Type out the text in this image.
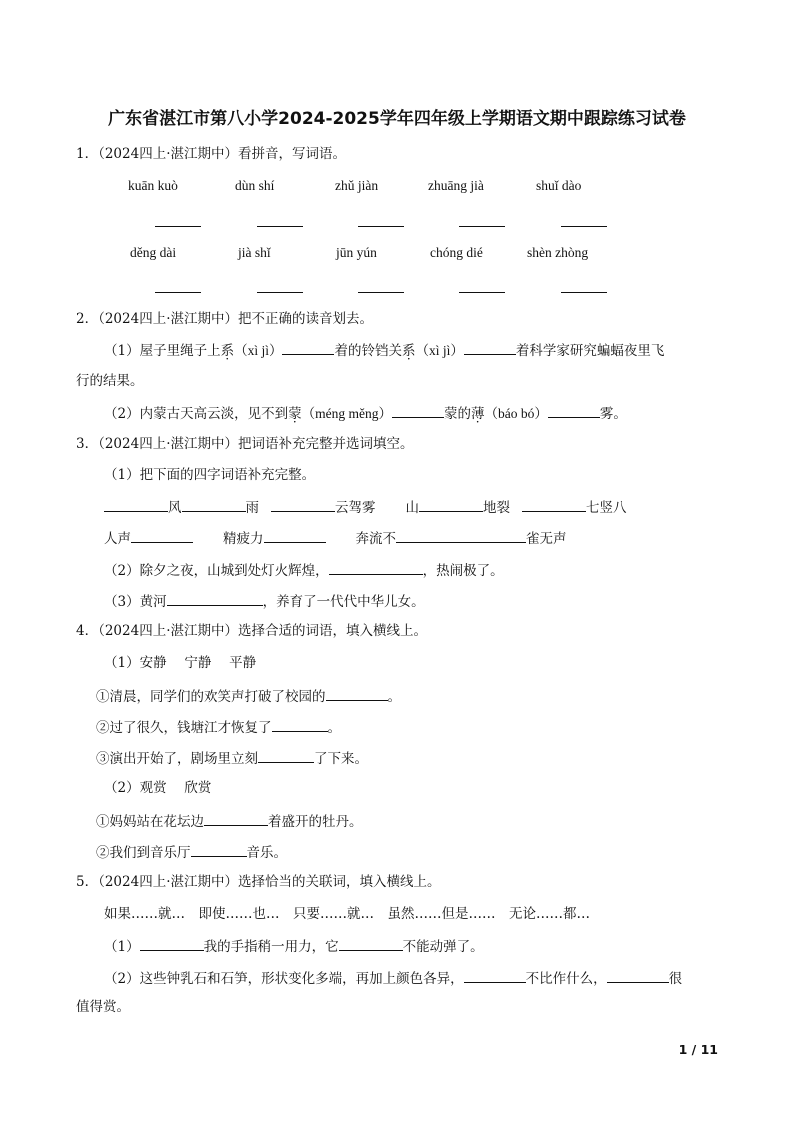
广东省湛江市第八小学2024-2025学年四年级上学期语文期中跟踪练习试卷
1．（2024四上·湛江期中）看拼音，写词语。
kuān kuò	dùn shí	zhǔ jiàn	zhuāng jià	shuǐ dào
děng dài	jià shǐ	jūn yún	chóng dié	shèn zhòng
2．（2024四上·湛江期中）把不正确的读音划去。
（1）屋子里绳子上系（xì jì）	着的铃铛关系（xì jì）	着科学家研究蝙蝠夜里飞
行的结果。
（2）内蒙古天高云淡，见不到蒙（méng měng）	蒙的薄（báo bó）	雾。
3．（2024四上·湛江期中）把词语补充完整并选词填空。
（1）把下面的四字词语补充完整。
风	雨	云驾雾 山	地裂	七竖八
人声	精疲力	奔流不	雀无声
（2）除夕之夜，山城到处灯火辉煌，	，热闹极了。
（3）黄河	，养育了一代代中华儿女。
4．（2024四上·湛江期中）选择合适的词语，填入横线上。
（1）安静　 宁静　 平静
①清晨，同学们的欢笑声打破了校园的	。
②过了很久，钱塘江才恢复了	。
③演出开始了，剧场里立刻	了下来。
（2）观赏　 欣赏
①妈妈站在花坛边	着盛开的牡丹。
②我们到音乐厅	音乐。
5．（2024四上·湛江期中）选择恰当的关联词，填入横线上。
如果……就…　即使……也…　只要……就…　虽然……但是……　无论……都…
（1）	我的手指稍一用力，它	不能动弹了。
（2）这些钟乳石和石笋，形状变化多端，再加上颜色各异，	不比作什么，	很
值得赏。
1 / 11
